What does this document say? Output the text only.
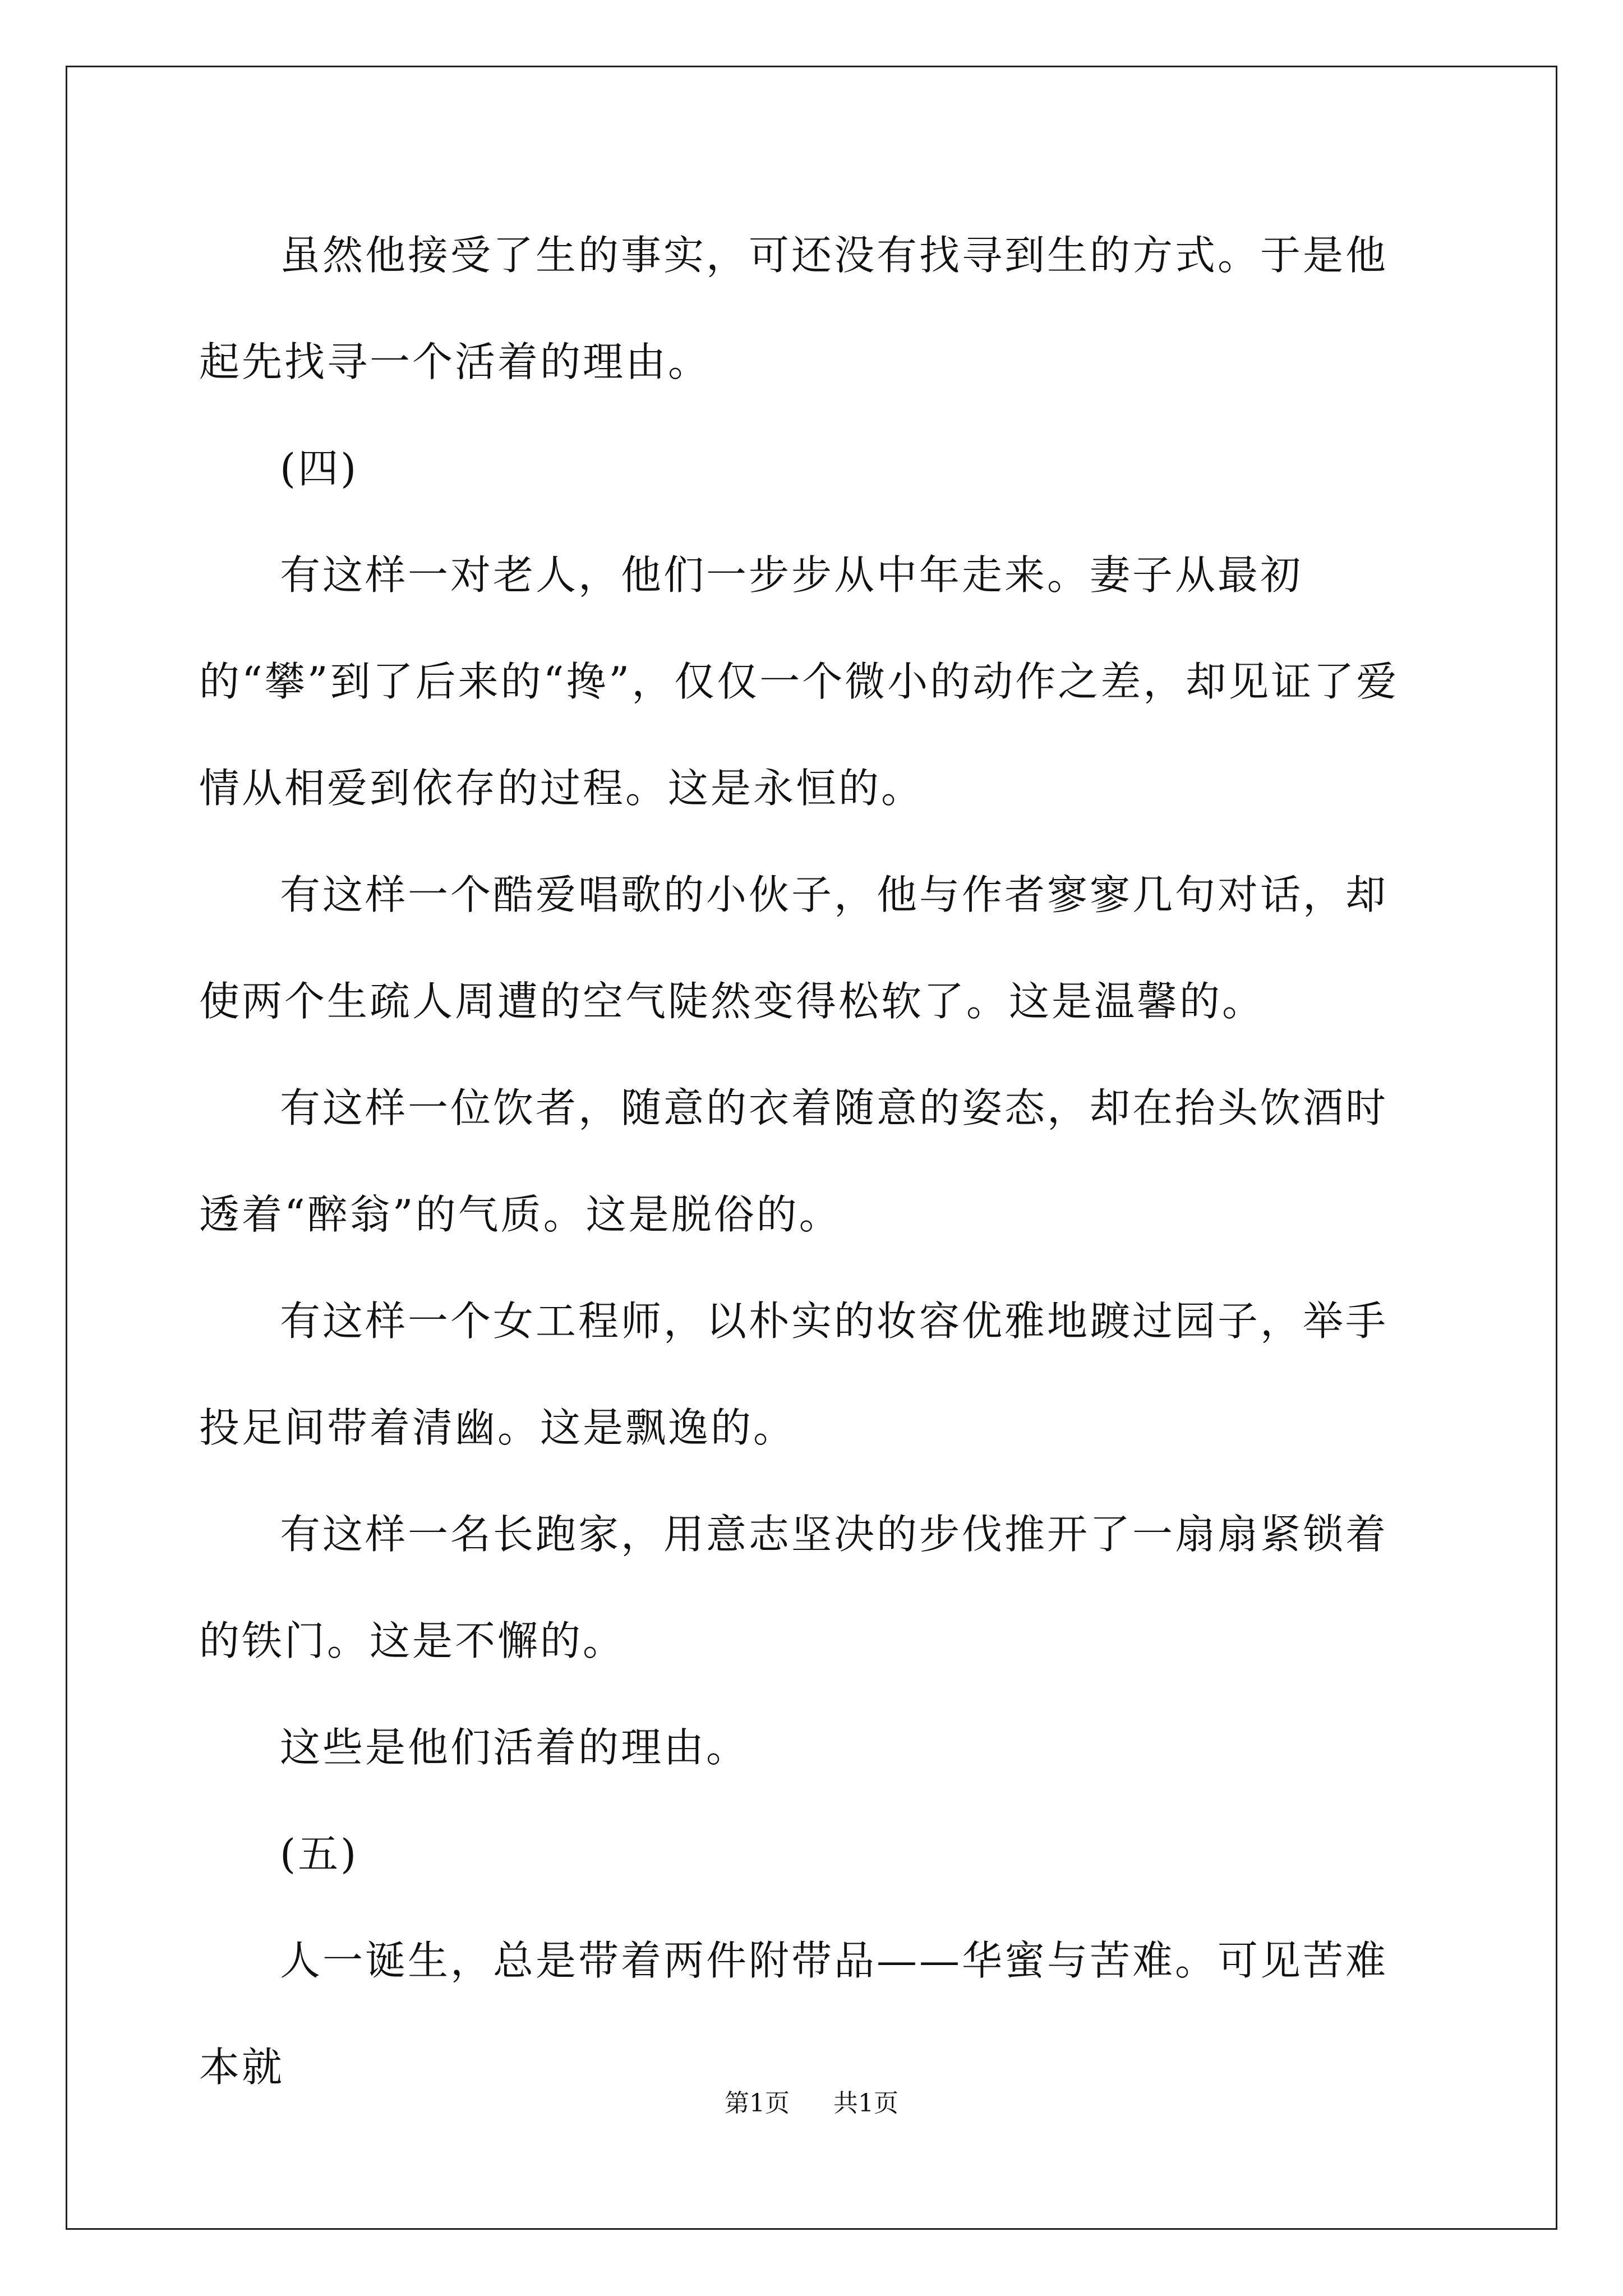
虽然他接受了生的事实，可还没有找寻到生的方式。于是他起先找寻一个活着的理由。

(四)

有这样一对老人，他们一步步从中年走来。妻子从最初的“攀”到了后来的“搀”，仅仅一个微小的动作之差，却见证了爱情从相爱到依存的过程。这是永恒的。

有这样一个酷爱唱歌的小伙子，他与作者寥寥几句对话，却使两个生疏人周遭的空气陡然变得松软了。这是温馨的。

有这样一位饮者，随意的衣着随意的姿态，却在抬头饮酒时透着“醉翁”的气质。这是脱俗的。

有这样一个女工程师，以朴实的妆容优雅地踱过园子，举手投足间带着清幽。这是飘逸的。

有这样一名长跑家，用意志坚决的步伐推开了一扇扇紧锁着的铁门。这是不懈的。

这些是他们活着的理由。

(五)

人一诞生，总是带着两件附带品——华蜜与苦难。可见苦难本就

第1页 共1页
